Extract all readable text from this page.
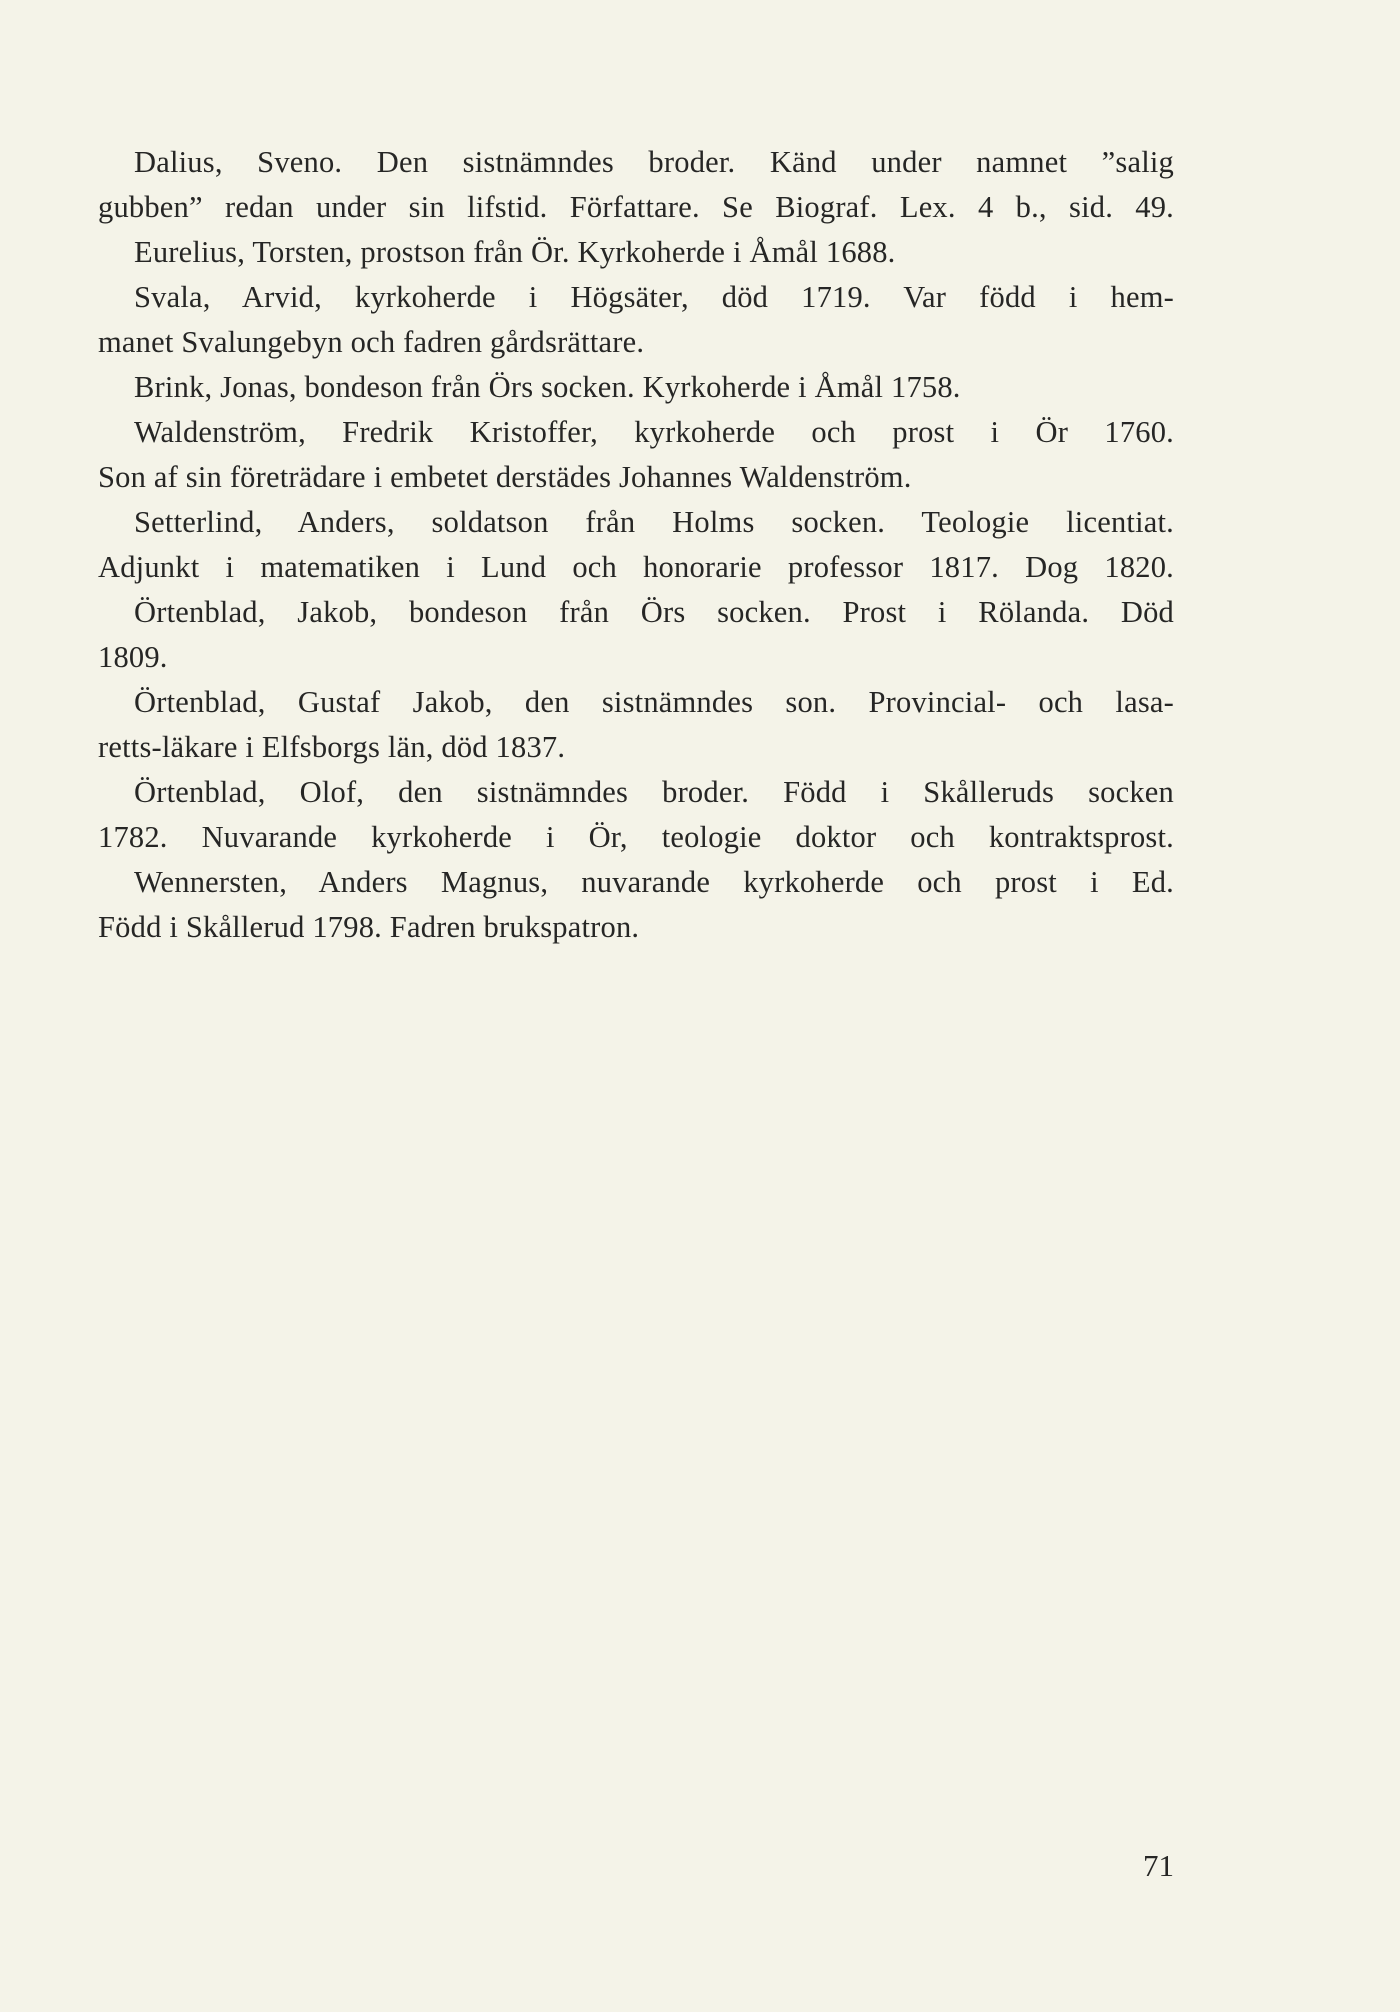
Dalius, Sveno. Den sistnämndes broder. Känd under namnet ”salig
gubben” redan under sin lifstid. Författare. Se Biograf. Lex. 4 b., sid. 49.
Eurelius, Torsten, prostson från Ör. Kyrkoherde i Åmål 1688.
Svala, Arvid, kyrkoherde i Högsäter, död 1719. Var född i hem-
manet Svalungebyn och fadren gårdsrättare.
Brink, Jonas, bondeson från Örs socken. Kyrkoherde i Åmål 1758.
Waldenström, Fredrik Kristoffer, kyrkoherde och prost i Ör 1760.
Son af sin företrädare i embetet derstädes Johannes Waldenström.
Setterlind, Anders, soldatson från Holms socken. Teologie licentiat.
Adjunkt i matematiken i Lund och honorarie professor 1817. Dog 1820.
Örtenblad, Jakob, bondeson från Örs socken. Prost i Rölanda. Död
1809.
Örtenblad, Gustaf Jakob, den sistnämndes son. Provincial- och lasa-
retts-läkare i Elfsborgs län, död 1837.
Örtenblad, Olof, den sistnämndes broder. Född i Skålleruds socken
1782. Nuvarande kyrkoherde i Ör, teologie doktor och kontraktsprost.
Wennersten, Anders Magnus, nuvarande kyrkoherde och prost i Ed.
Född i Skållerud 1798. Fadren brukspatron.
71
